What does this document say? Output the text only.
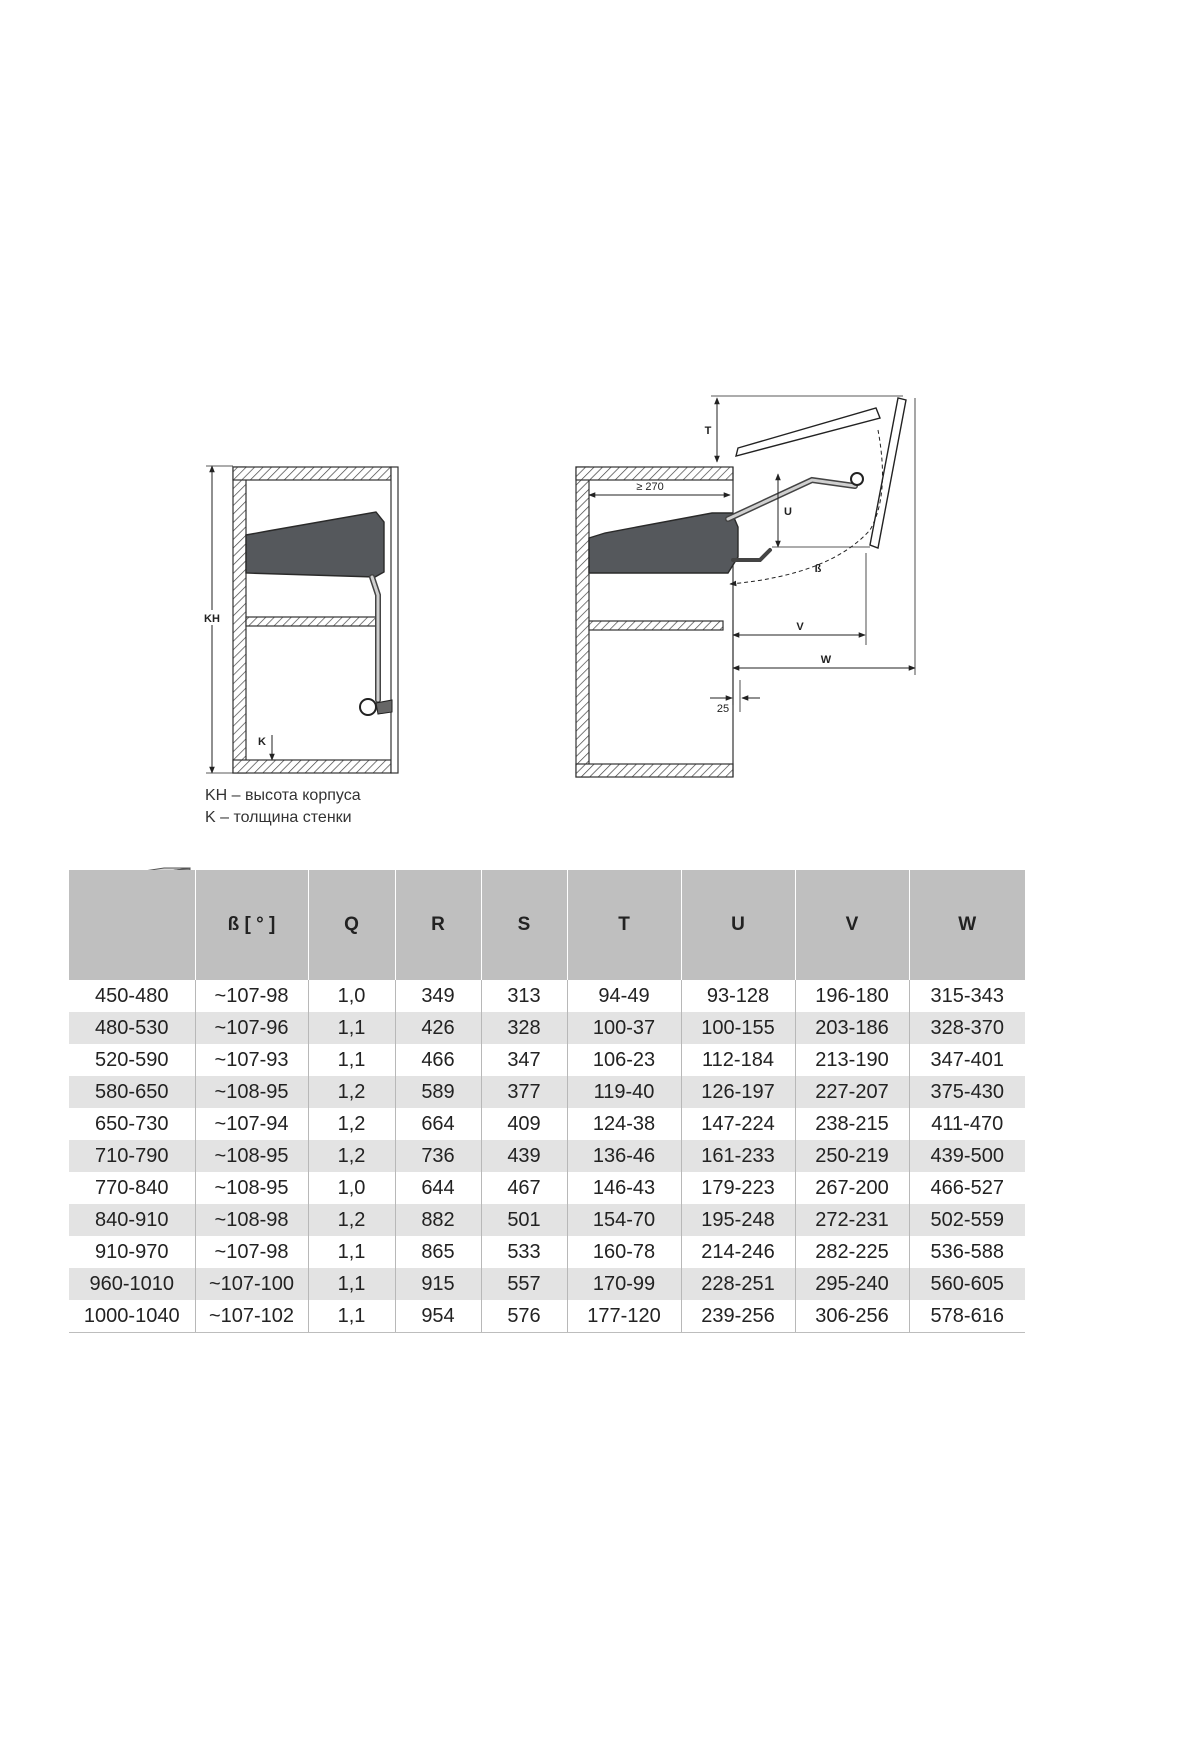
KH
K
T
≥ 270
U
ß
V
W
25
KH – высота корпуса
K – толщина стенки
	ß [ ° ]	Q	R	S	T	U	V	W
450-480	~107-98	1,0	349	313	94-49	93-128	196-180	315-343
480-530	~107-96	1,1	426	328	100-37	100-155	203-186	328-370
520-590	~107-93	1,1	466	347	106-23	112-184	213-190	347-401
580-650	~108-95	1,2	589	377	119-40	126-197	227-207	375-430
650-730	~107-94	1,2	664	409	124-38	147-224	238-215	411-470
710-790	~108-95	1,2	736	439	136-46	161-233	250-219	439-500
770-840	~108-95	1,0	644	467	146-43	179-223	267-200	466-527
840-910	~108-98	1,2	882	501	154-70	195-248	272-231	502-559
910-970	~107-98	1,1	865	533	160-78	214-246	282-225	536-588
960-1010	~107-100	1,1	915	557	170-99	228-251	295-240	560-605
1000-1040	~107-102	1,1	954	576	177-120	239-256	306-256	578-616
